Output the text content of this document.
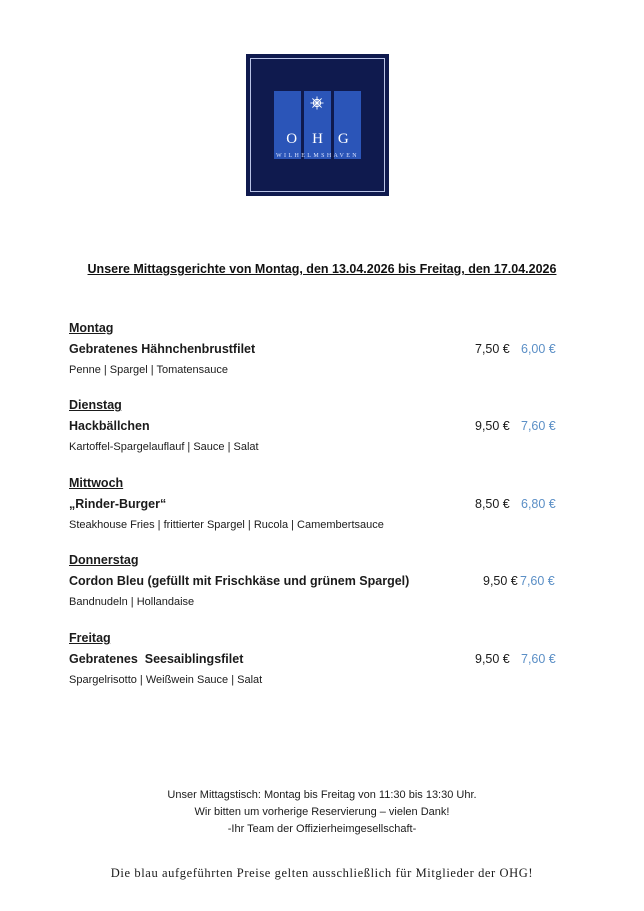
OHG
WILHELMSHAVEN
Unsere Mittagsgerichte von Montag, den 13.04.2026 bis Freitag, den 17.04.2026
Montag
Gebratenes Hähnchenbrustfilet
Penne | Spargel | Tomatensauce
7,50 € 6,00 €
Dienstag
Hackbällchen
Kartoffel-Spargelauflauf | Sauce | Salat
9,50 € 7,60 €
Mittwoch
„Rinder-Burger“
Steakhouse Fries | frittierter Spargel | Rucola | Camembertsauce
8,50 € 6,80 €
Donnerstag
Cordon Bleu (gefüllt mit Frischkäse und grünem Spargel)
Bandnudeln | Hollandaise
9,50 € 7,60 €
Freitag
Gebratenes  Seesaiblingsfilet
Spargelrisotto | Weißwein Sauce | Salat
9,50 € 7,60 €
Unser Mittagstisch: Montag bis Freitag von 11:30 bis 13:30 Uhr.
Wir bitten um vorherige Reservierung – vielen Dank!
-Ihr Team der Offizierheimgesellschaft-
Die blau aufgeführten Preise gelten ausschließlich für Mitglieder der OHG!
